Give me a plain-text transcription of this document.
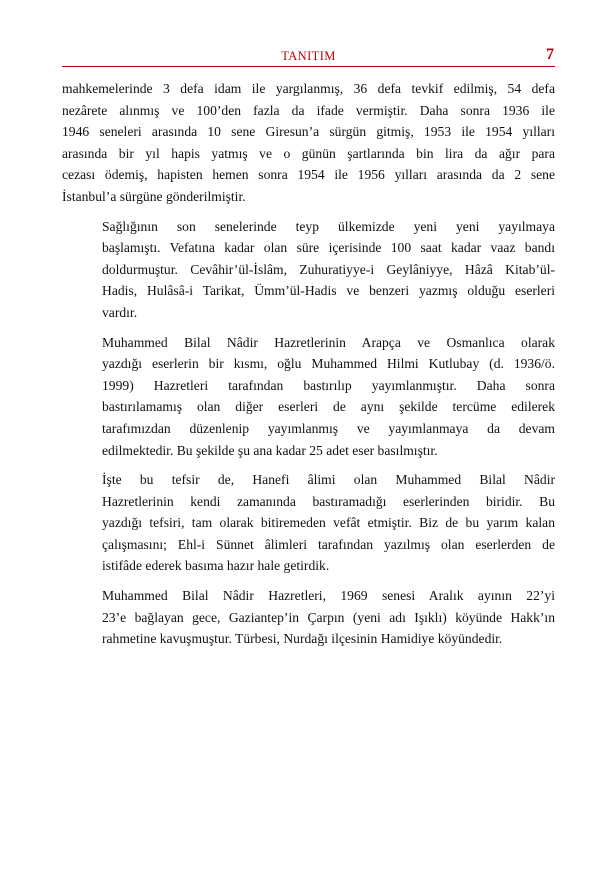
TANITIM	7

mahkemelerinde 3 defa idam ile yargılanmış, 36 defa tevkif edilmiş, 54 defa
nezârete alınmış ve 100’den fazla da ifade vermiştir. Daha sonra 1936 ile
1946 seneleri arasında 10 sene Giresun’a sürgün gitmiş, 1953 ile 1954 yılları
arasında bir yıl hapis yatmış ve o günün şartlarında bin lira da ağır para
cezası ödemiş, hapisten hemen sonra 1954 ile 1956 yılları arasında da 2 sene
İstanbul’a sürgüne gönderilmiştir.

Sağlığının son senelerinde teyp ülkemizde yeni yeni yayılmaya
başlamıştı. Vefatına kadar olan süre içerisinde 100 saat kadar vaaz bandı
doldurmuştur. Cevâhir’ül-İslâm, Zuhuratiyye-i Geylâniyye, Hâzâ Kitab’ül-
Hadis, Hulâsâ-i Tarikat, Ümm’ül-Hadis ve benzeri yazmış olduğu eserleri
vardır.

Muhammed Bilal Nâdir Hazretlerinin Arapça ve Osmanlıca olarak
yazdığı eserlerin bir kısmı, oğlu Muhammed Hilmi Kutlubay (d. 1936/ö.
1999) Hazretleri tarafından bastırılıp yayımlanmıştır. Daha sonra
bastırılamamış olan diğer eserleri de aynı şekilde tercüme edilerek
tarafımızdan düzenlenip yayımlanmış ve yayımlanmaya da devam
edilmektedir. Bu şekilde şu ana kadar 25 adet eser basılmıştır.

İşte bu tefsir de, Hanefi âlimi olan Muhammed Bilal Nâdir
Hazretlerinin kendi zamanında bastıramadığı eserlerinden biridir. Bu
yazdığı tefsiri, tam olarak bitiremeden vefât etmiştir. Biz de bu yarım kalan
çalışmasını; Ehl-i Sünnet âlimleri tarafından yazılmış olan eserlerden de
istifâde ederek basıma hazır hale getirdik.

Muhammed Bilal Nâdir Hazretleri, 1969 senesi Aralık ayının 22’yi
23’e bağlayan gece, Gaziantep’in Çarpın (yeni adı Işıklı) köyünde Hakk’ın
rahmetine kavuşmuştur. Türbesi, Nurdağı ilçesinin Hamidiye köyündedir.
